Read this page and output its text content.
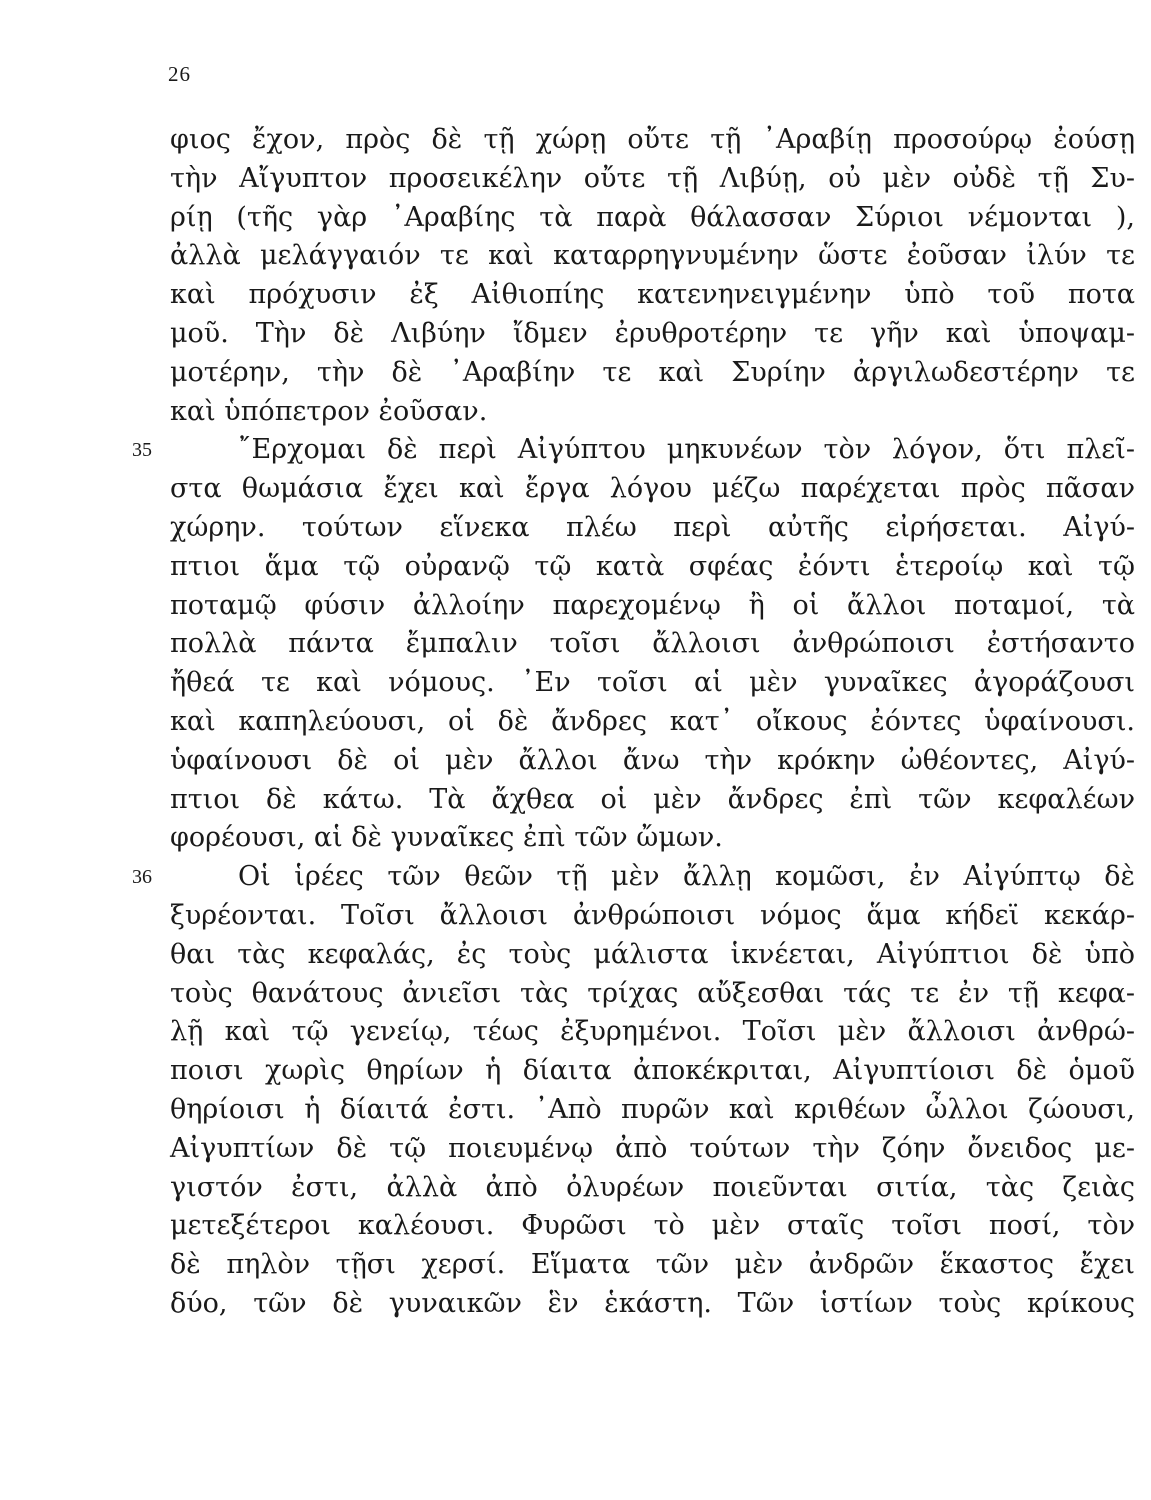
26
φιος ἔχον, πρὸς δὲ τῇ χώρῃ οὔτε τῇ ᾿Αραβίῃ προσούρῳ ἐούσῃ
τὴν Αἴγυπτον προσεικέλην οὔτε τῇ Λιβύῃ, οὐ μὲν οὐδὲ τῇ Συ-
ρίῃ (τῆς γὰρ ᾿Αραβίης τὰ παρὰ θάλασσαν Σύριοι νέμονται ),
ἀλλὰ μελάγγαιόν τε καὶ καταρρηγνυμένην ὥστε ἐοῦσαν ἰλύν τε
καὶ πρόχυσιν ἐξ Αἰθιοπίης κατενηνειγμένην ὑπὸ τοῦ ποτα
μοῦ. Τὴν δὲ Λιβύην ἴδμεν ἐρυθροτέρην τε γῆν καὶ ὑποψαμ-
μοτέρην, τὴν δὲ ᾿Αραβίην τε καὶ Συρίην ἀργιλωδεστέρην τε
καὶ ὑπόπετρον ἐοῦσαν.
35	῎Ερχομαι δὲ περὶ Αἰγύπτου μηκυνέων τὸν λόγον, ὅτι πλεῖ-
στα θωμάσια ἔχει καὶ ἔργα λόγου μέζω παρέχεται πρὸς πᾶσαν
χώρην. τούτων εἵνεκα πλέω περὶ αὐτῆς εἰρήσεται. Αἰγύ-
πτιοι ἅμα τῷ οὐρανῷ τῷ κατὰ σφέας ἐόντι ἑτεροίῳ καὶ τῷ
ποταμῷ φύσιν ἀλλοίην παρεχομένῳ ἢ οἱ ἄλλοι ποταμοί, τὰ
πολλὰ πάντα ἔμπαλιν τοῖσι ἄλλοισι ἀνθρώποισι ἐστήσαντο
ἤθεά τε καὶ νόμους. ᾿Εν τοῖσι αἱ μὲν γυναῖκες ἀγοράζουσι
καὶ καπηλεύουσι, οἱ δὲ ἄνδρες κατ᾿ οἴκους ἐόντες ὑφαίνουσι.
ὑφαίνουσι δὲ οἱ μὲν ἄλλοι ἄνω τὴν κρόκην ὠθέοντες, Αἰγύ-
πτιοι δὲ κάτω. Τὰ ἄχθεα οἱ μὲν ἄνδρες ἐπὶ τῶν κεφαλέων
φορέουσι, αἱ δὲ γυναῖκες ἐπὶ τῶν ὤμων.
36	Οἱ ἱρέες τῶν θεῶν τῇ μὲν ἄλλῃ κομῶσι, ἐν Αἰγύπτῳ δὲ
ξυρέονται. Τοῖσι ἄλλοισι ἀνθρώποισι νόμος ἅμα κήδεϊ κεκάρ-
θαι τὰς κεφαλάς, ἐς τοὺς μάλιστα ἱκνέεται, Αἰγύπτιοι δὲ ὑπὸ
τοὺς θανάτους ἀνιεῖσι τὰς τρίχας αὔξεσθαι τάς τε ἐν τῇ κεφα-
λῇ καὶ τῷ γενείῳ, τέως ἐξυρημένοι. Τοῖσι μὲν ἄλλοισι ἀνθρώ-
ποισι χωρὶς θηρίων ἡ δίαιτα ἀποκέκριται, Αἰγυπτίοισι δὲ ὁμοῦ
θηρίοισι ἡ δίαιτά ἐστι. ᾿Απὸ πυρῶν καὶ κριθέων ὦλλοι ζώουσι,
Αἰγυπτίων δὲ τῷ ποιευμένῳ ἀπὸ τούτων τὴν ζόην ὄνειδος με-
γιστόν ἐστι, ἀλλὰ ἀπὸ ὀλυρέων ποιεῦνται σιτία, τὰς ζειὰς
μετεξέτεροι καλέουσι. Φυρῶσι τὸ μὲν σταῖς τοῖσι ποσί, τὸν
δὲ πηλὸν τῇσι χερσί. Εἵματα τῶν μὲν ἀνδρῶν ἕκαστος ἔχει
δύο, τῶν δὲ γυναικῶν ἓν ἑκάστη. Τῶν ἱστίων τοὺς κρίκους
